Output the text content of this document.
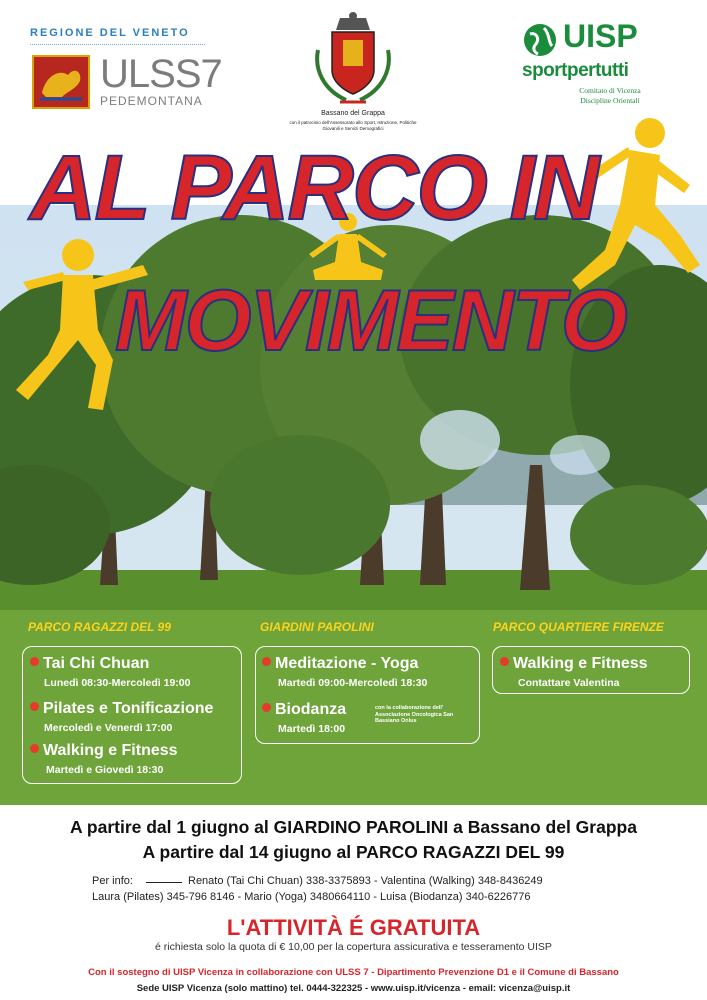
REGIONE DEL VENETO
ULSS7
PEDEMONTANA
Bassano del Grappa
con il patrocinio dell'Assessorato allo Sport, Istruzione, Politiche Giovanili e Servizi Demografici
UISP
sportpertutti
Comitato di Vicenza
Discipline Orientali
AL PARCO IN
MOVIMENTO
PARCO RAGAZZI DEL 99
Tai Chi Chuan
Lunedì 08:30-Mercoledì 19:00
Pilates e Tonificazione
Mercoledì e Venerdì 17:00
Walking e Fitness
Martedì e Giovedì 18:30
GIARDINI PAROLINI
Meditazione - Yoga
Martedì 09:00-Mercoledì 18:30
Biodanza
Martedì 18:00
con la collaborazione dell' Associazione Oncologica San Bassiano Onlus
PARCO QUARTIERE FIRENZE
Walking e Fitness
Contattare Valentina
A partire dal 1 giugno al GIARDINO PAROLINI a Bassano del Grappa
A partire dal 14 giugno al PARCO RAGAZZI DEL 99
Per info:	Renato (Tai Chi Chuan) 338-3375893 - Valentina (Walking) 348-8436249
Laura (Pilates) 345-796 8146 - Mario (Yoga) 3480664110 - Luisa (Biodanza) 340-6226776
L'ATTIVITÀ É GRATUITA
é richiesta solo la quota di € 10,00 per la copertura assicurativa e tesseramento UISP
Con il sostegno di UISP Vicenza in collaborazione con ULSS 7 - Dipartimento Prevenzione D1 e il Comune di Bassano
Sede UISP Vicenza (solo mattino) tel. 0444-322325 - www.uisp.it/vicenza - email: vicenza@uisp.it
